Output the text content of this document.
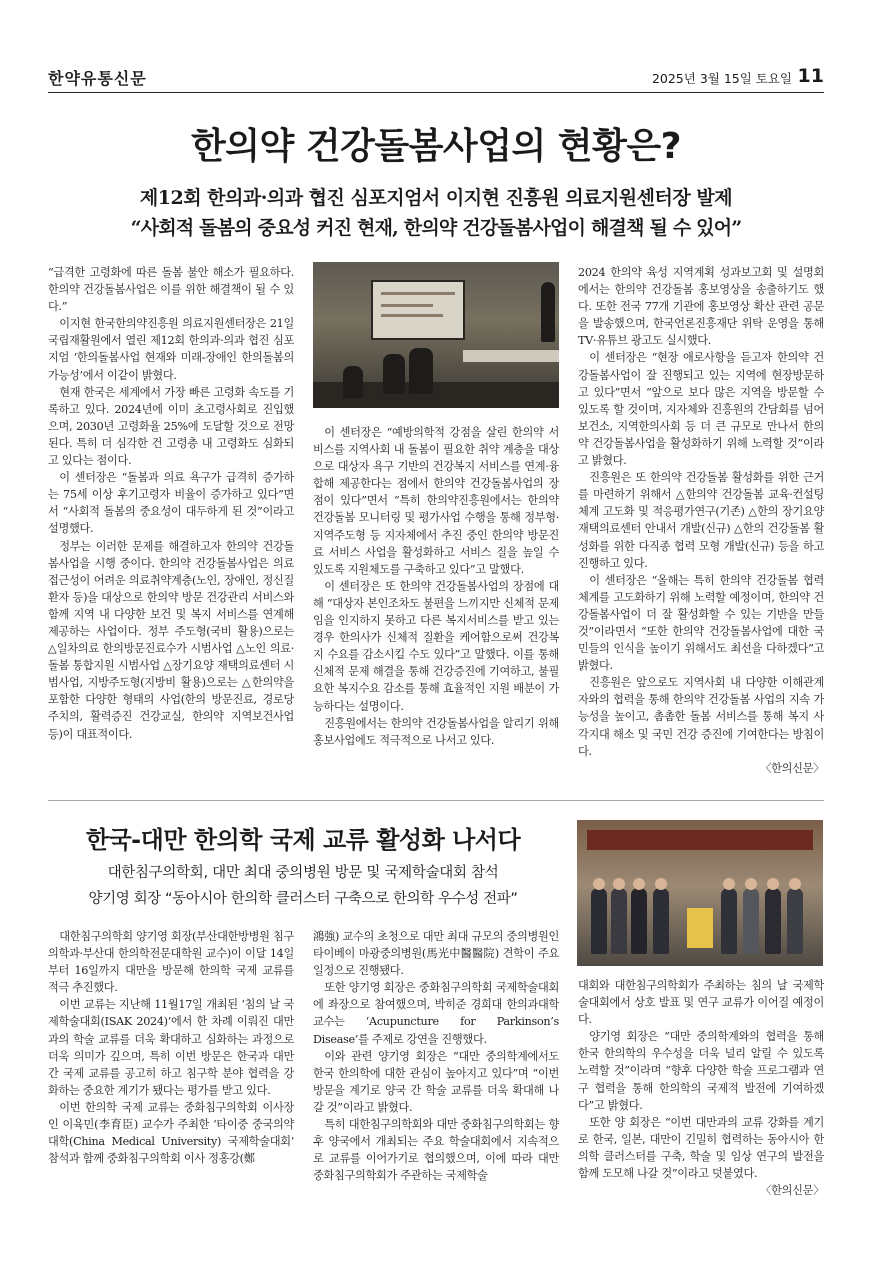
한약유통신문	2025년 3월 15일 토요일 11
한의약 건강돌봄사업의 현황은?
제12회 한의과·의과 협진 심포지엄서 이지현 진흥원 의료지원센터장 발제
“사회적 돌봄의 중요성 커진 현재, 한의약 건강돌봄사업이 해결책 될 수 있어”

“급격한 고령화에 따른 돌봄 불안 해소가 필요하다. 한의약 건강돌봄사업은 이를 위한 해결책이 될 수 있다.”

이지현 한국한의약진흥원 의료지원센터장은 21일 국립재활원에서 열린 제12회 한의과·의과 협진 심포지엄 ‘한의돌봄사업 현재와 미래-장애인 한의돌봄의 가능성’에서 이같이 밝혔다.

현재 한국은 세계에서 가장 빠른 고령화 속도를 기록하고 있다. 2024년에 이미 초고령사회로 진입했으며, 2030년 고령화율 25%에 도달할 것으로 전망된다. 특히 더 심각한 건 고령층 내 고령화도 심화되고 있다는 점이다.

이 센터장은 “돌봄과 의료 욕구가 급격히 증가하는 75세 이상 후기고령자 비율이 증가하고 있다”면서 “사회적 돌봄의 중요성이 대두하게 된 것”이라고 설명했다.

정부는 이러한 문제를 해결하고자 한의약 건강돌봄사업을 시행 중이다. 한의약 건강돌봄사업은 의료접근성이 어려운 의료취약계층(노인, 장애인, 정신질환자 등)을 대상으로 한의약 방문 건강관리 서비스와 함께 지역 내 다양한 보건 및 복지 서비스를 연계해 제공하는 사업이다. 정부 주도형(국비 활용)으로는 △일차의료 한의방문진료수가 시범사업 △노인 의료·돌봄 통합지원 시범사업 △장기요양 재택의료센터 시범사업, 지방주도형(지방비 활용)으로는 △한의약을 포함한 다양한 형태의 사업(한의 방문진료, 경로당 주치의, 활력증진 건강교실, 한의약 지역보건사업 등)이 대표적이다.

이 센터장은 “예방의학적 강점을 살린 한의약 서비스를 지역사회 내 돌봄이 필요한 취약 계층을 대상으로 대상자 욕구 기반의 건강복지 서비스를 연계·융합해 제공한다는 점에서 한의약 건강돌봄사업의 장점이 있다”면서 “특히 한의약진흥원에서는 한의약 건강돌봄 모니터링 및 평가사업 수행을 통해 정부형·지역주도형 등 지자체에서 추진 중인 한의약 방문진료 서비스 사업을 활성화하고 서비스 질을 높일 수 있도록 지원체도를 구축하고 있다”고 말했다.

이 센터장은 또 한의약 건강돌봄사업의 장점에 대해 “대상자 본인조차도 불편을 느끼지만 신체적 문제임을 인지하지 못하고 다른 복지서비스를 받고 있는 경우 한의사가 신체적 질환을 케어함으로써 건강복지 수요를 감소시킬 수도 있다”고 말했다. 이를 통해 신체적 문제 해결을 통해 건강증진에 기여하고, 불필요한 복지수요 감소를 통해 효율적인 지원 배분이 가능하다는 설명이다.

진흥원에서는 한의약 건강돌봄사업을 알리기 위해 홍보사업에도 적극적으로 나서고 있다.

2024 한의약 육성 지역계획 성과보고회 및 설명회에서는 한의약 건강돌봄 홍보영상을 송출하기도 했다. 또한 전국 77개 기관에 홍보영상 확산 관련 공문을 발송했으며, 한국언론진흥재단 위탁 운영을 통해 TV·유튜브 광고도 실시했다.

이 센터장은 “현장 애로사항을 듣고자 한의약 건강돌봄사업이 잘 진행되고 있는 지역에 현장방문하고 있다”면서 “앞으로 보다 많은 지역을 방문할 수 있도록 할 것이며, 지자체와 진흥원의 간담회를 넘어 보건소, 지역한의사회 등 더 큰 규모로 만나서 한의약 건강돌봄사업을 활성화하기 위해 노력할 것”이라고 밝혔다.

진흥원은 또 한의약 건강돌봄 활성화를 위한 근거를 마련하기 위해서 △한의약 건강돌봄 교육·컨설팅 체계 고도화 및 적응평가연구(기존) △한의 장기요양 재택의료센터 안내서 개발(신규) △한의 건강돌봄 활성화를 위한 다직종 협력 모형 개발(신규) 등을 하고 진행하고 있다.

이 센터장은 “올해는 특히 한의약 건강돌봄 협력체계를 고도화하기 위해 노력할 예정이며, 한의약 건강돌봄사업이 더 잘 활성화할 수 있는 기반을 만들 것”이라면서 “또한 한의약 건강돌봄사업에 대한 국민들의 인식을 높이기 위해서도 최선을 다하겠다”고 밝혔다.

진흥원은 앞으로도 지역사회 내 다양한 이해관계자와의 협력을 통해 한의약 건강돌봄 사업의 지속 가능성을 높이고, 촘촘한 돌봄 서비스를 통해 복지 사각지대 해소 및 국민 건강 증진에 기여한다는 방침이다.

〈한의신문〉
한국-대만 한의학 국제 교류 활성화 나서다
대한침구의학회, 대만 최대 중의병원 방문 및 국제학술대회 참석
양기영 회장 “동아시아 한의학 클러스터 구축으로 한의학 우수성 전파”

대한침구의학회 양기영 회장(부산대한방병원 침구의학과·부산대 한의학전문대학원 교수)이 이달 14일부터 16일까지 대만을 방문해 한의학 국제 교류를 적극 추진했다.

이번 교류는 지난해 11월17일 개최된 ‘침의 날 국제학술대회(ISAK 2024)’에서 한 차례 이뤄진 대만과의 학술 교류를 더욱 확대하고 심화하는 과정으로 더욱 의미가 깊으며, 특히 이번 방문은 한국과 대만 간 국제 교류를 공고히 하고 침구학 분야 협력을 강화하는 중요한 계기가 됐다는 평가를 받고 있다.

이번 한의학 국제 교류는 중화침구의학회 이사장인 이육민(李育臣) 교수가 주최한 ‘타이중 중국의약대학(China Medical University) 국제학술대회’ 참석과 함께 중화침구의학회 이사 정홍강(鄭

鴻強) 교수의 초청으로 대만 최대 규모의 중의병원인 타이베이 마광중의병원(馬光中醫醫院) 견학이 주요 일정으로 진행됐다.

또한 양기영 회장은 중화침구의학회 국제학술대회에 좌장으로 참여했으며, 박히준 경희대 한의과대학 교수는 ‘Acupuncture for Parkinson’s Disease’를 주제로 강연을 진행했다.

이와 관련 양기영 회장은 “대만 중의학계에서도 한국 한의학에 대한 관심이 높아지고 있다”며 “이번 방문을 계기로 양국 간 학술 교류를 더욱 확대해 나갈 것”이라고 밝혔다.

특히 대한침구의학회와 대만 중화침구의학회는 향후 양국에서 개최되는 주요 학술대회에서 지속적으로 교류를 이어가기로 협의했으며, 이에 따라 대만 중화침구의학회가 주관하는 국제학술

대회와 대한침구의학회가 주최하는 침의 날 국제학술대회에서 상호 발표 및 연구 교류가 이어질 예정이다.

양기영 회장은 “대만 중의학계와의 협력을 통해 한국 한의학의 우수성을 더욱 널리 알릴 수 있도록 노력할 것”이라며 “향후 다양한 학술 프로그램과 연구 협력을 통해 한의학의 국제적 발전에 기여하겠다”고 밝혔다.

또한 양 회장은 “이번 대만과의 교류 강화를 계기로 한국, 일본, 대만이 긴밀히 협력하는 동아시아 한의학 클러스터를 구축, 학술 및 임상 연구의 발전을 함께 도모해 나갈 것”이라고 덧붙였다.

〈한의신문〉
